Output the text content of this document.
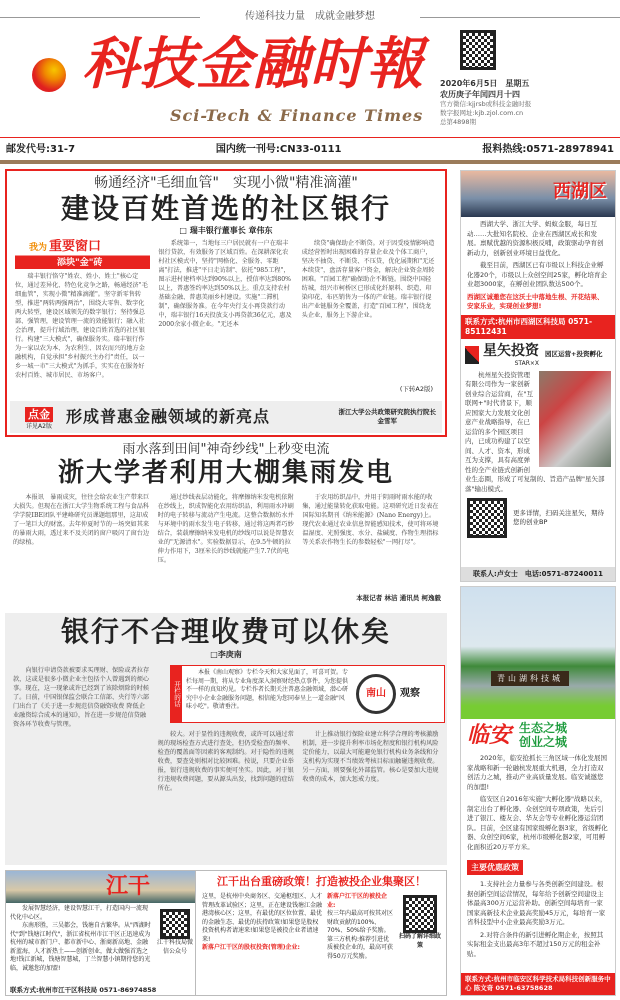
传递科技力量　成就金融梦想
科技金融时報
Sci-Tech & Finance Times
2020年6月5日　星期五
农历庚子年闰四月十四
官方微信:kjjrsb或科技金融时报
数字报网址:kjb.zjol.com.cn
总第4898期
邮发代号:31-7	国内统一刊号:CN33-0111	报料热线:0571-28978941
畅通经济"毛细血管"　实现小微"精准滴灌"
建设百姓首选的社区银行
□ 瑞丰银行董事长 章伟东
我为 重要窗口
添块"金"砖

瑞丰银行恪守"姓农、姓小、姓土"核心定位，通过差异化、特色化竞争之路，畅通经济"毛细血管"，实现小微"精准滴灌"。坚守新零售转型，推进"两转两强两治"，围绕大零售、数字化两大转型，建设区域领先的数字银行；坚持强总部、强管理，建设管理一流的效能银行；融入社会治理，提升行域治理，建设百姓首选的社区银行。构建"三大模式"，确保服务实。瑞丰银行作为一家以农为本、为农利生、因农而兴的地方金融机构，自觉承担"乡村振兴主办行"责任，以一乡一城一市"三大模式"为抓手，实实在在服务好农村百姓、城市居民、市场客户。

系统第一，当地每三户居民就有一户在瑞丰银行贷款，有效服务了区域百姓。在深耕深化农村社区模式中，坚持"网格化、全服务、零距离"打法，推进"平日走访制"、依托"985工程"，图示进村建档率达到90%以上，授信率达到80%以上，普惠签约率达到50%以上。重点支持农村基础金融、普惠美丽乡村建设。实施"二滞机制"，确保服务准。在今年央行支小再贷款行动中，瑞丰银行16天投放支小再贷款36亿元，惠及2000余家小微企业。"无还本

续贷"确保助企不断贷。对于因受疫情影响造成经营暂时出现困难的存量企业及个体工商户，坚决不抽贷、不断贷、不压贷，优化展期和"无还本续贷"，盘活存量客户资金，解决企业资金周转困难。"百园工程"确保助企不断链。围绕中国轻纺城，绍兴市柯桥区已形成化纤原料、织造、印染印花、布匹销售为一体的产业链。瑞丰银行提出产业链服务全覆盖，打造"百园工程"，围绕龙头企业，服务上下游企业。

(下转A2版)
点金
详见A2版
形成普惠金融领域的新亮点	浙江大学公共政策研究院执行院长
金雪军
西湖区
西湖大学、浙江大学、蚂蚁金服，每日互动……大批知名院校、企业在西湖区成长和发展。禀赋优越的资源积极反哺，政策驱动孕育创新动力，创新创业环境日益优化。
截至目前，西湖区已有市级以上科技企业孵化器20个，市级以上众创空间25家，孵化培育企业超3000家，在孵创业团队数达500个。
西湖区诚邀您在这沃土中落地生根、开花结果、安家乐业，实现创业梦想!
联系方式:杭州市西湖区科技局 0571-85112431
星矢投资
STAR×X
园区运营+投资孵化
杭州星矢投资管理有限公司作为一家创新创业综合运营商，在"互联网+"时代背景下，顺应国家大力发展文化创意产业战略指导，在已运营的多个园区项目内，已成功构建了以空间、人才、资本，形成互为支撑，具有高度弹性的全产业链式创新创业生态圈，形成了可复制的、旨造产品牌"星矢部落"输出模式。
更多详情，扫码关注星矢，期待您的创业BP
联系人:卢女士　电话:0571-87240011
雨水落到田间"神奇纱线"上秒变电流
浙大学者利用大棚集雨发电

本报讯　暴雨成灾，往往会给农业生产带来巨大损失。但现在在浙江大学生物系统工程与食品科学学院IBE团队平建峰研究员课题组那里，这却成了一笔巨大的财富。去年仲夏时节的一场突如其来的暴雨大雨，透过来不及关闭的窗户吸闪了窗台边的绿植。

通过纱线表层动能化，将摩擦纳米发电机依附在纱线上，织成智能化农用纺织品，利用雨水冲刷时的电子转移与流动产生电流。这整合数据纺水并与环境中的雨水发生电子转移，通过将这两者巧妙结合，装载摩擦纳米发电机的纱线可以说是智慧农业的"无源清水"。实验数据显示，在9.5牛顿的拉伸力作用下，3厘米长的纱线就能产生7.7伏的电压。

于农用纺织品中，并用于阴雨时雨水能的收集，通过能量转化获取电能。这项研究近日发表在国际知名期刊《纳米能源》(Nano Energy)上。现代农业通过农业信息智能感知技术，使可将环境温湿度、光照强度、水分、盐碱度、作物生理指标等关系农作物生长的参数轻松"一网打尽"。

本报记者 林洁 通讯员 柯逸毅
银行不合理收费可以休矣
□李庚南
开栏的话
本报《南山观察》专栏今天和大家见面了，可喜可贺。专栏每周一期，将从专业角度深入洞察财经热点事件，为您提供不一样的真知灼见。专栏作者长期关注普惠金融领域，潜心研究中小企业金融服务问题，相信能为您同奉呈上一道金融"风味小吃"。敬请垂注。
南山	观察

向银行申请贷款被要求买理财、保险或者拉存款，这或是很多小微企业主包括个人曾遇到的烦心事。现在，这一现象或许已经到了该除烦除的时候了。日前，中国银保监会联合工信部、央行等六部门出台了《关于进一步规范信贷融资收费 降低企业融资综合成本的通知》，旨在进一步规范信贷融资各环节收费与管理。

较大。对于显性的违规收费，或许可以通过常规的现场检查方式进行查处，但仍受检查的频率、检查的覆盖面等因素的客观制约。对于隐性的违规收费，要查处则相对比较困难。按说，只要企业举报，银行违规收费的事实便可坐实。因此，对于银行违规收费问题，要从源头出发，找到问题的症结所在。

计上推动银行保险业建立科学合理的考核激励机制，进一步提升利率市场化程度和银行机构风险定价能力，以最大可能避免银行机构业务条线和分支机构为实现不当绩效考核目标而触碰违规收费。另一方面，则要强化外部监管。核心是要加大违规收费的成本，加大惩戒力度。

青山湖科技城
临安 生态之城
创业之城
2020年，临安抢抓长三角区域一体化发展国家战略和新一轮融杭发展重大机遇，全力打造双创活力之城，推动产业高质量发展。临安诚邀您的加盟!
临安区自2016年实施"大孵化器"战略以来，制定出台了孵化器、众创空间专项政策，先后引进了银江、楼友会、华友会等专业孵化器运营团队。目前，全区建有国家级孵化器3家，省级孵化器、众创空间6家，杭州市级孵化器2家，可用孵化面积近20万平方米。
主要优惠政策
1.支持社会力量参与各类创新空间建设。根据创新空间运营情况，每年给予创新空间建设主体最高300万元运营补助。创新空间每培育一家国家高新技术企业最高奖励45万元，每培育一家省科技型中小企业最高奖励3万元。
2.对符合条件的新引进孵化期企业，按照其实际租金支出最高3年不超过150万元的租金补贴。
联系方式:杭州市临安区科学技术局科技创新服务中心 陈文奇 0571-63758628
江干
发展智慧经济，建设智慧江干，打造国内一流现代化中心区。
东南形胜，三吴都会，钱塘自古繁华。从"西湖时代"到"钱塘江时代"，浙江省杭州市江干区正迅速成为杭州的城市新门户、都市新中心、浙商新高地、金融新蓝海，人才新热土——创新创业，做大做强首选之地!钱江新城，钱塘智慧城，丁兰智慧小镇期待您的光临，诚邀您的加盟!
江干科技局微信公众号
联系方式:杭州市江干区科技局 0571-86974858
江干出台重磅政策！打造被投企业集聚区！
这里，是杭州中央商务区、交通枢纽区、人才管理改革试验区；这里，正在建设钱塘江金融港湾核心区；这里，有最优的区位位置、最优的金融生态、最优的扶持政策!如果您是股权投资机构者请速来!如果您是被投企业者请速来!
新落户江干区的股权投资(管理)企业:
新落户江干区的被投企业:
按三年内最高可按其对区财政贡献的100%、70%、50%给予奖励。第三方机构:推荐引进优质被投企业的，最高可获得50万元奖励。
扫码了解详细政策
